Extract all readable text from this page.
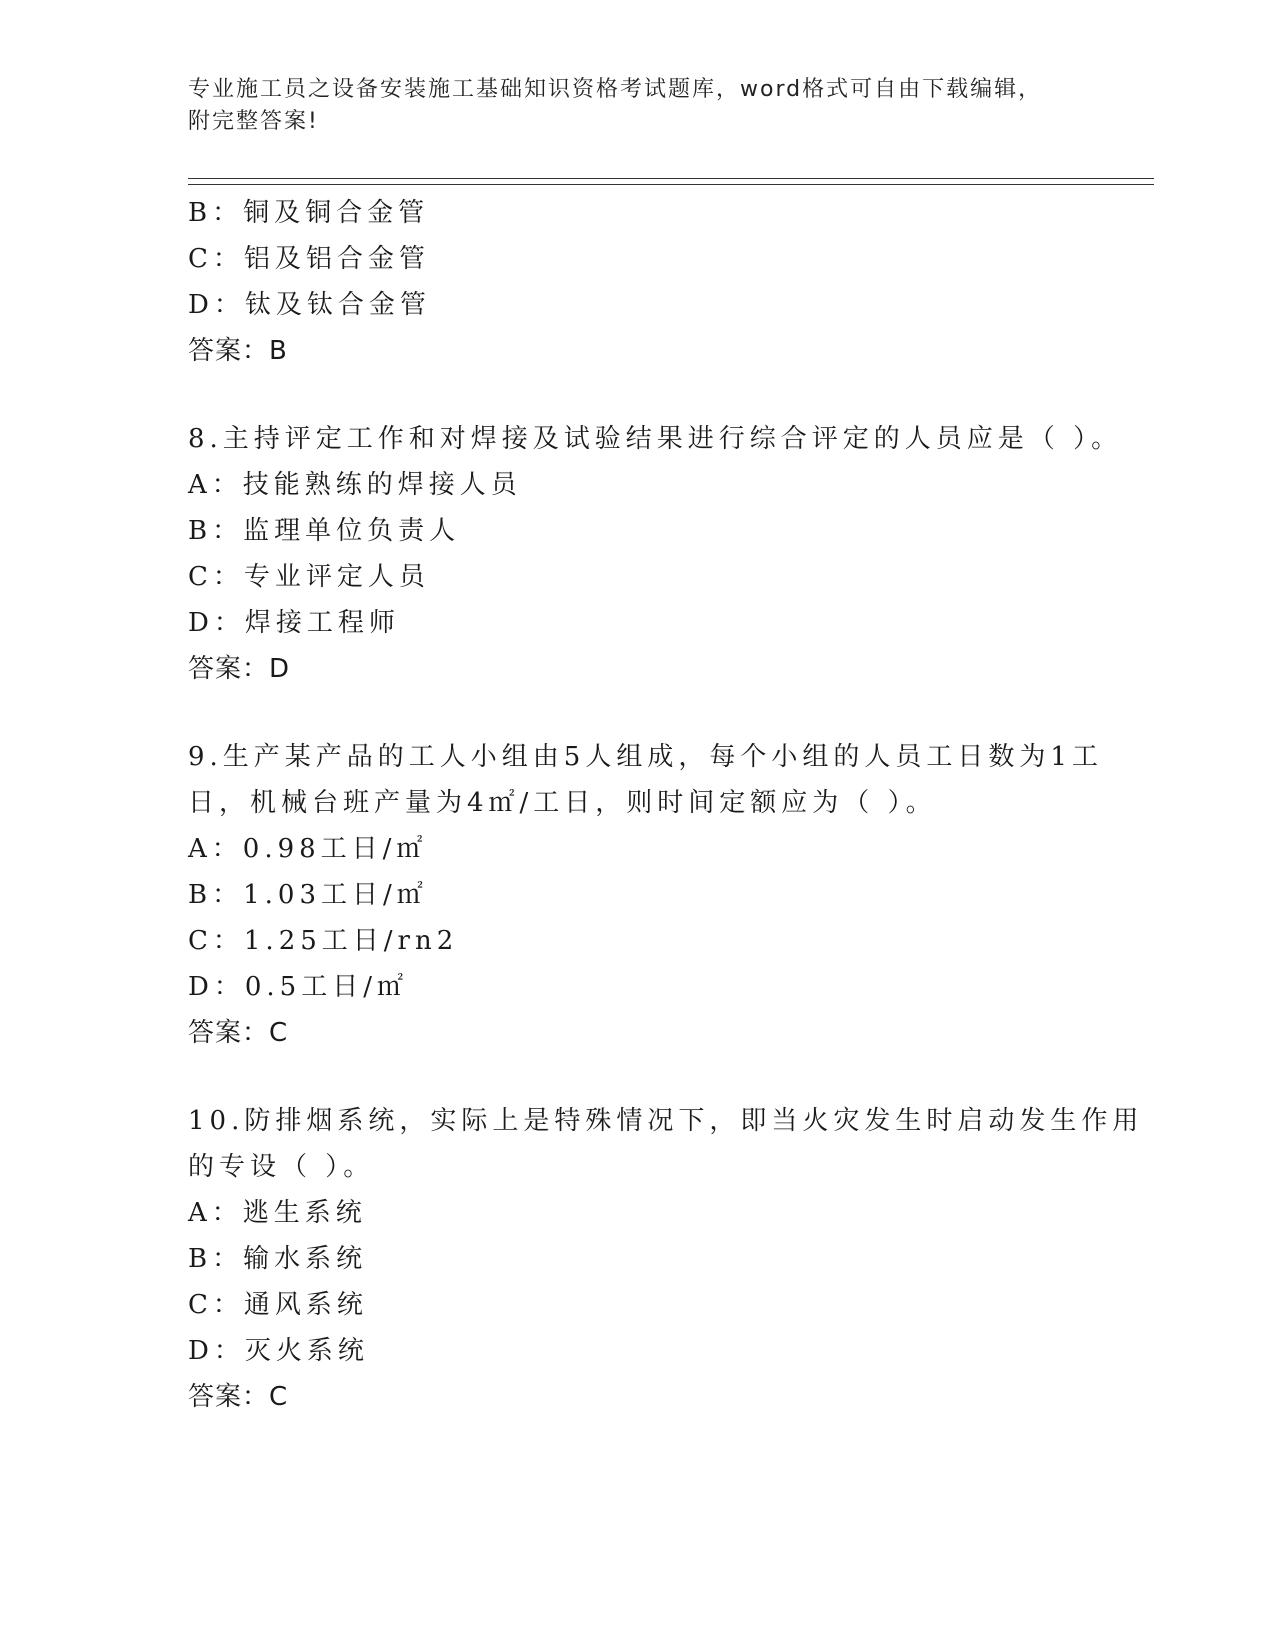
专业施工员之设备安装施工基础知识资格考试题库，word格式可自由下载编辑，
附完整答案!
B：铜及铜合金管
C：铝及铝合金管
D：钛及钛合金管
答案：B
8.主持评定工作和对焊接及试验结果进行综合评定的人员应是（ ）。
A：技能熟练的焊接人员
B：监理单位负责人
C：专业评定人员
D：焊接工程师
答案：D
9.生产某产品的工人小组由5人组成，每个小组的人员工日数为1工
日，机械台班产量为4㎡/工日，则时间定额应为（ ）。
A：0.98工日/㎡
B：1.03工日/㎡
C：1.25工日/rn2
D：0.5工日/㎡
答案：C
10.防排烟系统，实际上是特殊情况下，即当火灾发生时启动发生作用
的专设（ ）。
A：逃生系统
B：输水系统
C：通风系统
D：灭火系统
答案：C
